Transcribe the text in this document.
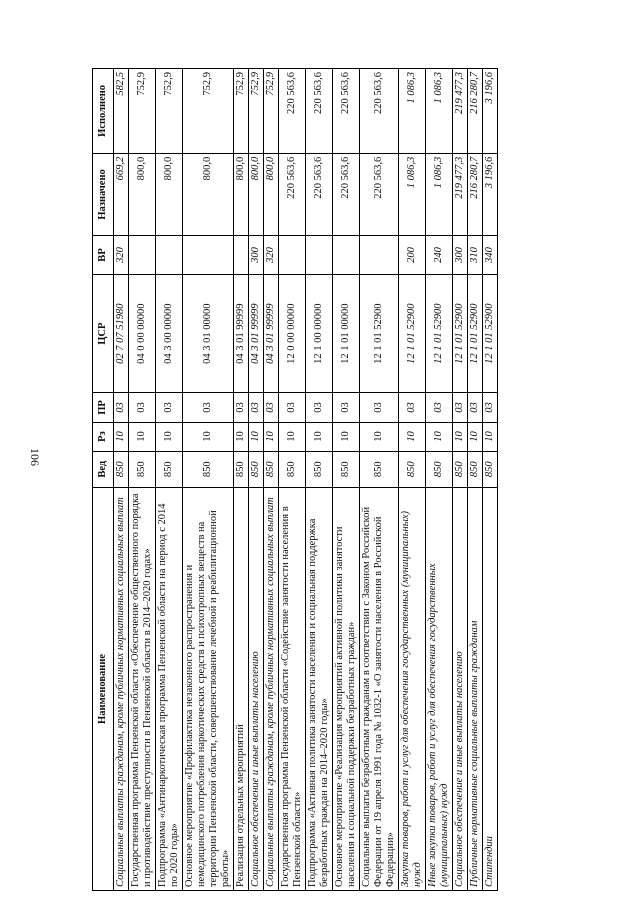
106
Наименование	Вед	Рз	ПР	ЦСР	ВР	Назначено	Исполнено
Социальные выплаты гражданам, кроме публичных нормативных социальных выплат	850	10	03	02 7 07 51980	320	669,2	582,5
Государственная программа Пензенской области «Обеспечение общественного порядка и противодействие преступности в Пензенской области в 2014–2020 годах»	850	10	03	04 0 00 00000		800,0	752,9
Подпрограмма «Антинаркотическая программа Пензенской области на период с 2014 по 2020 годы»	850	10	03	04 3 00 00000		800,0	752,9
Основное мероприятие «Профилактика незаконного распространения и немедицинского потребления наркотических средств и психотропных веществ на территории Пензенской области, совершенствование лечебной и реабилитационной работы»	850	10	03	04 3 01 00000		800,0	752,9
Реализация отдельных мероприятий	850	10	03	04 3 01 99999		800,0	752,9
Социальное обеспечение и иные выплаты населению	850	10	03	04 3 01 99999	300	800,0	752,9
Социальные выплаты гражданам, кроме публичных нормативных социальных выплат	850	10	03	04 3 01 99999	320	800,0	752,9
Государственная программа Пензенской области «Содействие занятости населения в Пензенской области»	850	10	03	12 0 00 00000		220 563,6	220 563,6
Подпрограмма «Активная политика занятости населения и социальная поддержка безработных граждан на 2014–2020 годы»	850	10	03	12 1 00 00000		220 563,6	220 563,6
Основное мероприятие «Реализация мероприятий активной политики занятости населения и социальной поддержки безработных граждан»	850	10	03	12 1 01 00000		220 563,6	220 563,6
Социальные выплаты безработным гражданам в соответствии с Законом Российской Федерации от 19 апреля 1991 года № 1032-1 «О занятости населения в Российской Федерации»	850	10	03	12 1 01 52900		220 563,6	220 563,6
Закупка товаров, работ и услуг для обеспечения государственных (муниципальных) нужд	850	10	03	12 1 01 52900	200	1 086,3	1 086,3
Иные закупки товаров, работ и услуг для обеспечения государственных (муниципальных) нужд	850	10	03	12 1 01 52900	240	1 086,3	1 086,3
Социальное обеспечение и иные выплаты населению	850	10	03	12 1 01 52900	300	219 477,3	219 477,3
Публичные нормативные социальные выплаты гражданам	850	10	03	12 1 01 52900	310	216 280,7	216 280,7
Стипендии	850	10	03	12 1 01 52900	340	3 196,6	3 196,6
